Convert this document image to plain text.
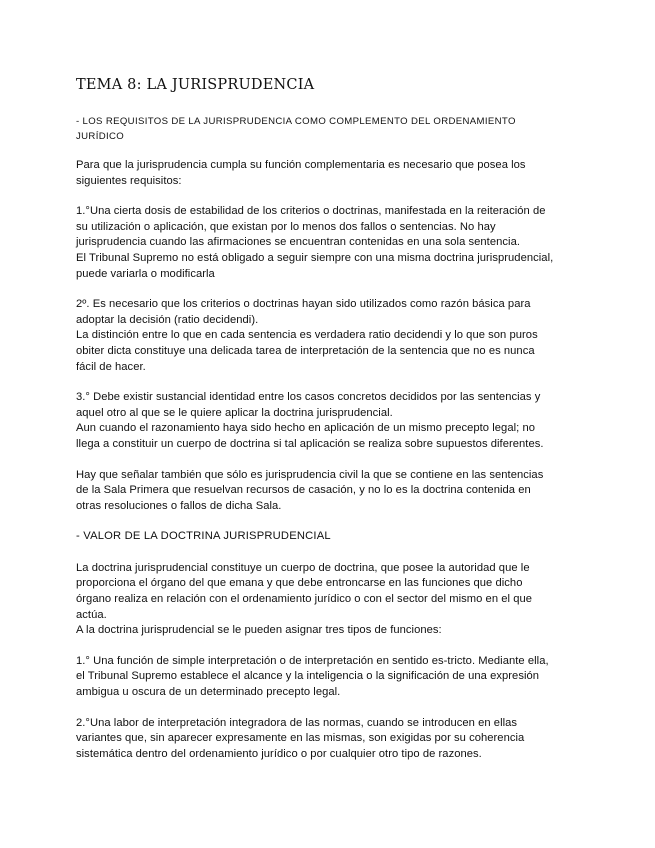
TEMA 8: LA JURISPRUDENCIA
- LOS REQUISITOS DE LA JURISPRUDENCIA COMO COMPLEMENTO DEL ORDENAMIENTO
JURÍDICO
Para que la jurisprudencia cumpla su función complementaria es necesario que posea los
siguientes requisitos:
1.°Una cierta dosis de estabilidad de los criterios o doctrinas, manifestada en la reiteración de
su utilización o aplicación, que existan por lo menos dos fallos o sentencias. No hay
jurisprudencia cuando las afirmaciones se encuentran contenidas en una sola sentencia.
El Tribunal Supremo no está obligado a seguir siempre con una misma doctrina jurisprudencial,
puede variarla o modificarla
2º. Es necesario que los criterios o doctrinas hayan sido utilizados como razón básica para
adoptar la decisión (ratio decidendi).
La distinción entre lo que en cada sentencia es verdadera ratio decidendi y lo que son puros
obiter dicta constituye una delicada tarea de interpretación de la sentencia que no es nunca
fácil de hacer.
3.° Debe existir sustancial identidad entre los casos concretos decididos por las sentencias y
aquel otro al que se le quiere aplicar la doctrina jurisprudencial.
Aun cuando el razonamiento haya sido hecho en aplicación de un mismo precepto legal; no
llega a constituir un cuerpo de doctrina si tal aplicación se realiza sobre supuestos diferentes.
Hay que señalar también que sólo es jurisprudencia civil la que se contiene en las sentencias
de la Sala Primera que resuelvan recursos de casación, y no lo es la doctrina contenida en
otras resoluciones o fallos de dicha Sala.
- VALOR DE LA DOCTRINA JURISPRUDENCIAL
La doctrina jurisprudencial constituye un cuerpo de doctrina, que posee la autoridad que le
proporciona el órgano del que emana y que debe entroncarse en las funciones que dicho
órgano realiza en relación con el ordenamiento jurídico o con el sector del mismo en el que
actúa.
A la doctrina jurisprudencial se le pueden asignar tres tipos de funciones:
1.° Una función de simple interpretación o de interpretación en sentido es-tricto. Mediante ella,
el Tribunal Supremo establece el alcance y la inteligencia o la significación de una expresión
ambigua u oscura de un determinado precepto legal.
2.°Una labor de interpretación integradora de las normas, cuando se introducen en ellas
variantes que, sin aparecer expresamente en las mismas, son exigidas por su coherencia
sistemática dentro del ordenamiento jurídico o por cualquier otro tipo de razones.
